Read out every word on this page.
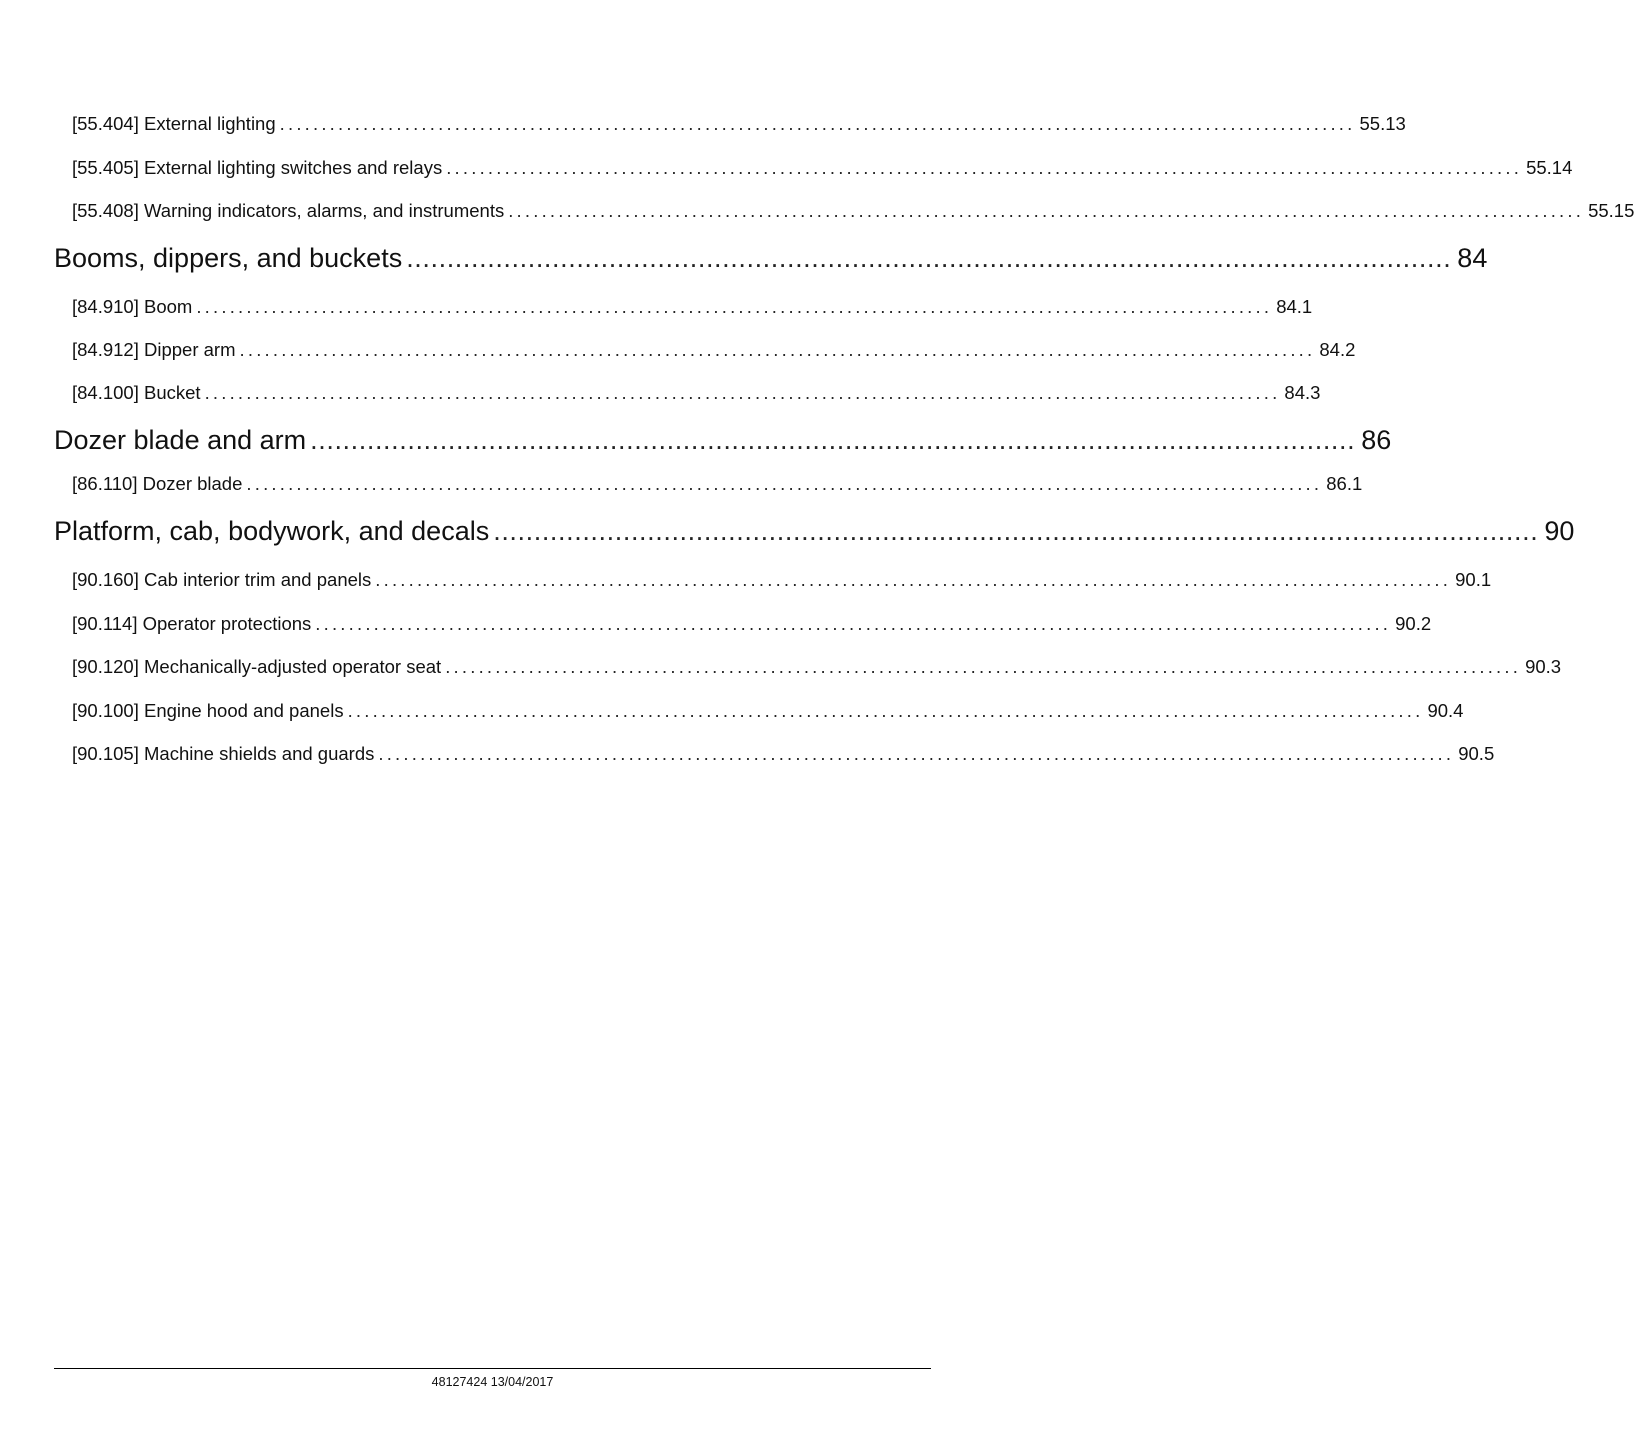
[55.404] External lighting ................................................................................................................................. 55.13
[55.405] External lighting switches and relays ................................................................................................................................. 55.14
[55.408] Warning indicators, alarms, and instruments ................................................................................................................................. 55.15
Booms, dippers, and buckets ................................................................................................................................. 84
[84.910] Boom ................................................................................................................................. 84.1
[84.912] Dipper arm ................................................................................................................................. 84.2
[84.100] Bucket ................................................................................................................................. 84.3
Dozer blade and arm ................................................................................................................................. 86
[86.110] Dozer blade ................................................................................................................................. 86.1
Platform, cab, bodywork, and decals ................................................................................................................................. 90
[90.160] Cab interior trim and panels ................................................................................................................................. 90.1
[90.114] Operator protections ................................................................................................................................. 90.2
[90.120] Mechanically-adjusted operator seat ................................................................................................................................. 90.3
[90.100] Engine hood and panels ................................................................................................................................. 90.4
[90.105] Machine shields and guards ................................................................................................................................. 90.5
48127424 13/04/2017
